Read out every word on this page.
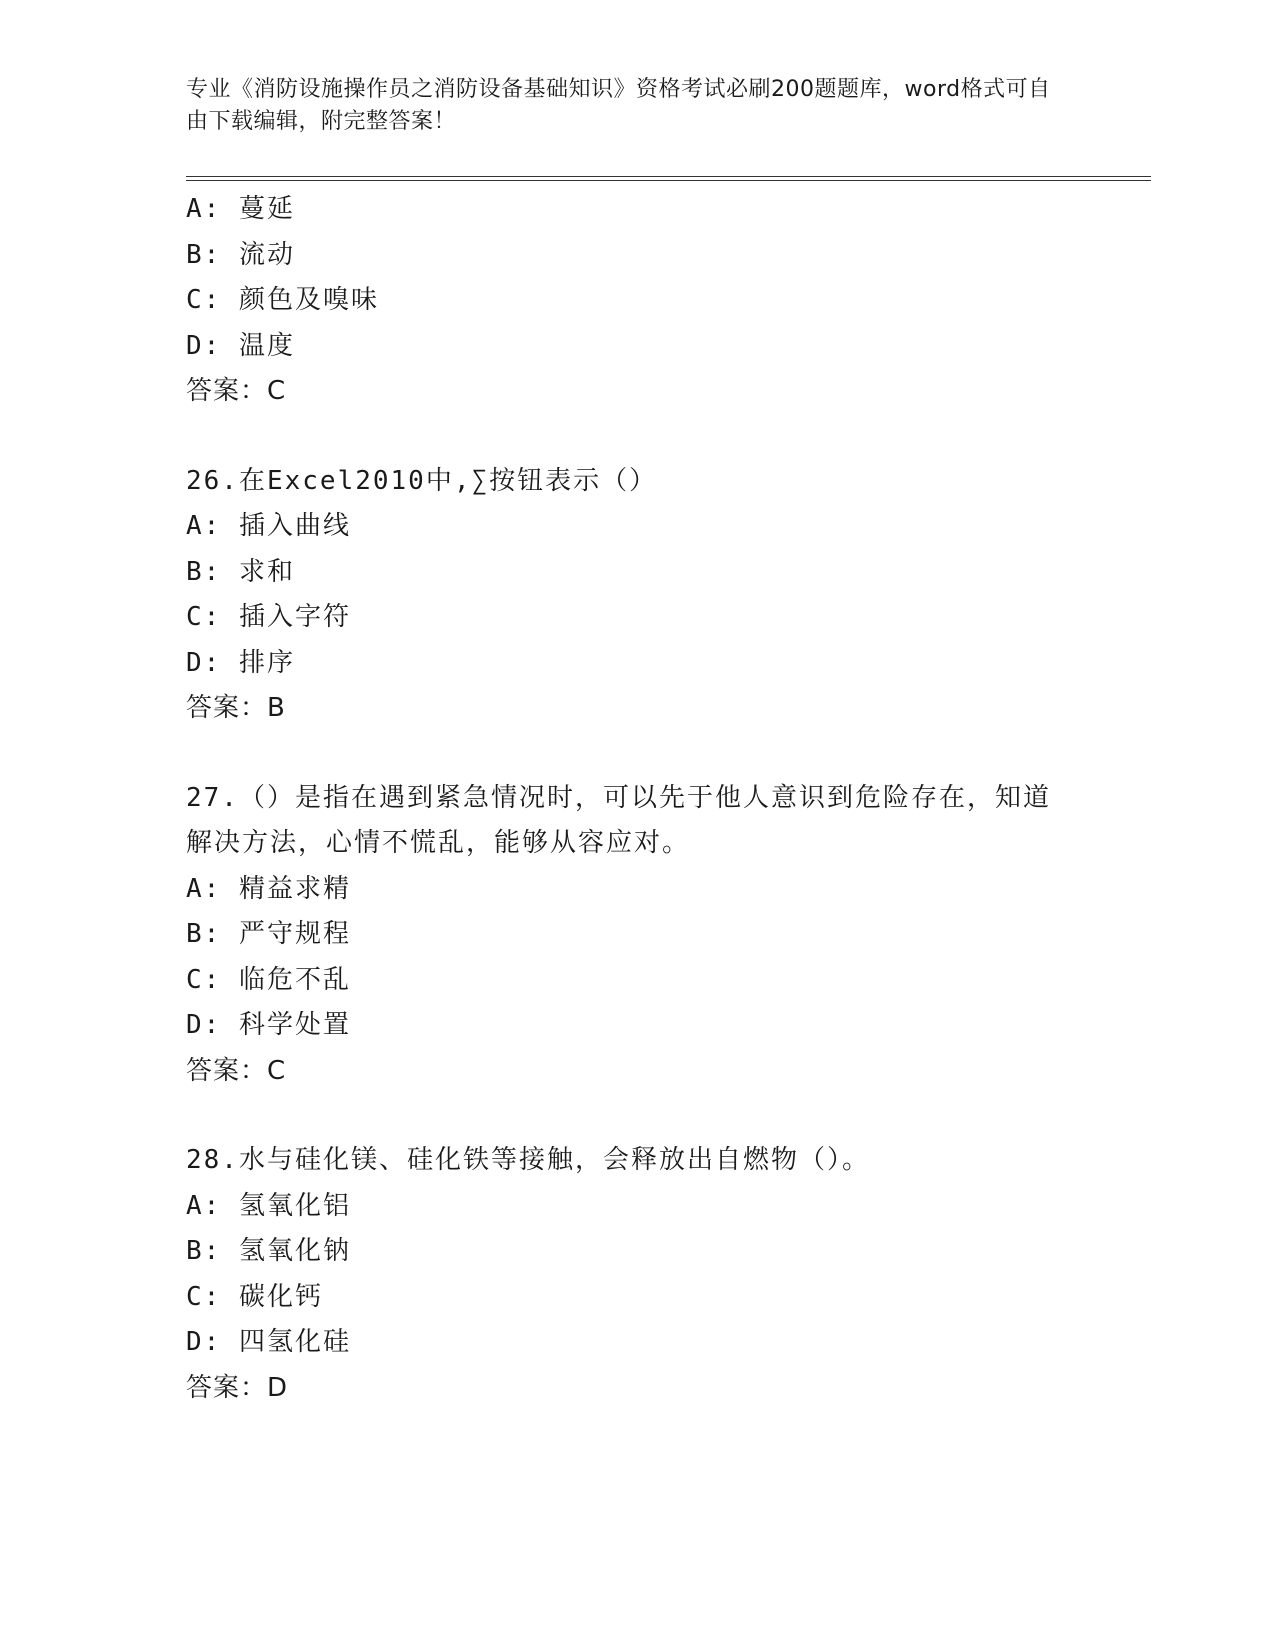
专业《消防设施操作员之消防设备基础知识》资格考试必刷200题题库，word格式可自由下载编辑，附完整答案！
A: 蔓延
B: 流动
C: 颜色及嗅味
D: 温度
答案：C
26.在Excel2010中,∑按钮表示（）
A: 插入曲线
B: 求和
C: 插入字符
D: 排序
答案：B
27.（）是指在遇到紧急情况时，可以先于他人意识到危险存在，知道解决方法，心情不慌乱，能够从容应对。
A: 精益求精
B: 严守规程
C: 临危不乱
D: 科学处置
答案：C
28.水与硅化镁、硅化铁等接触，会释放出自燃物（）。
A: 氢氧化铝
B: 氢氧化钠
C: 碳化钙
D: 四氢化硅
答案：D
